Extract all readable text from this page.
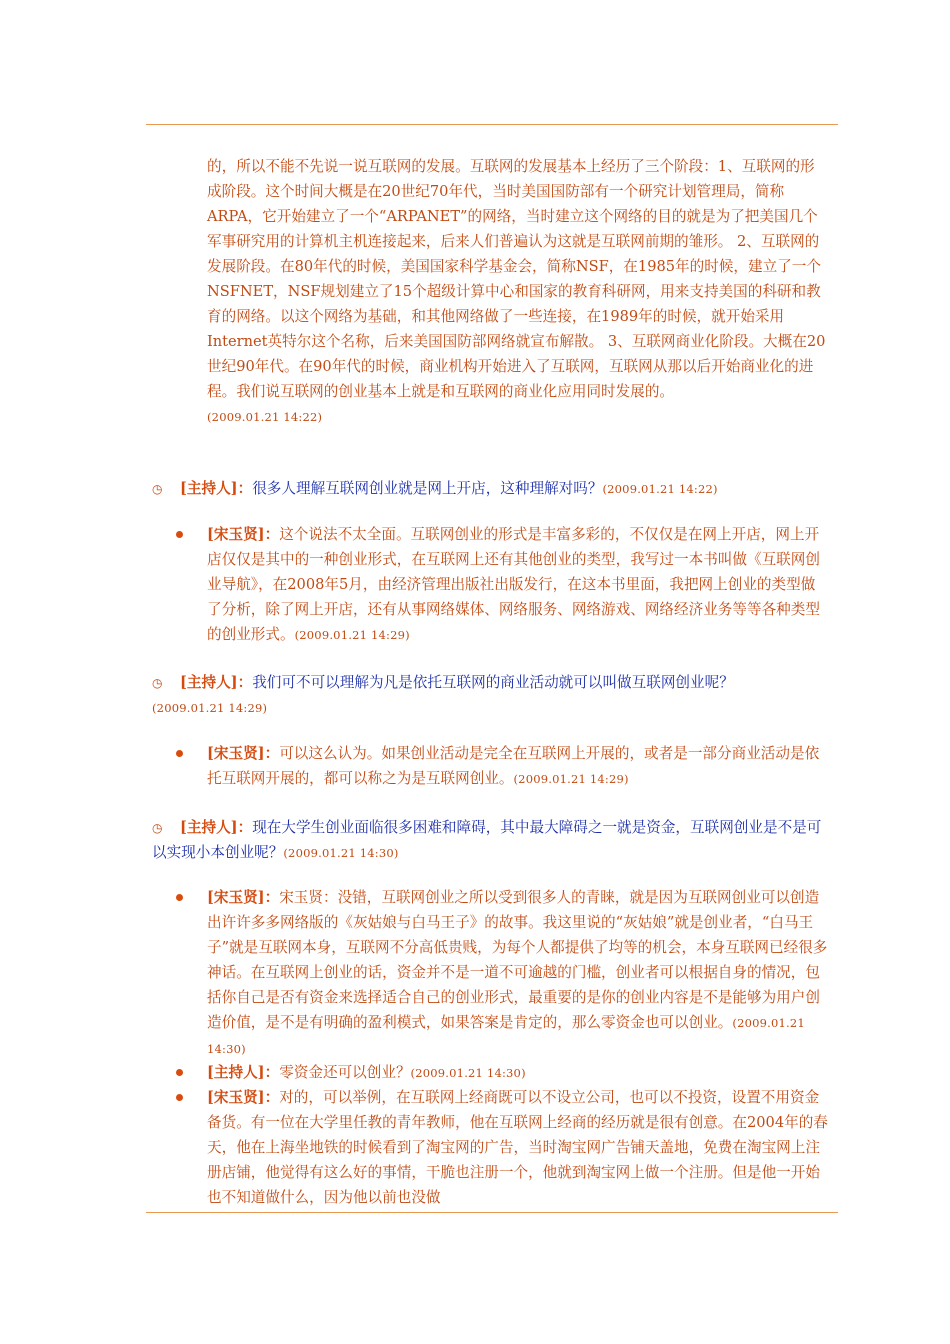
的，所以不能不先说一说互联网的发展。互联网的发展基本上经历了三个阶段：1、互联网的形成阶段。这个时间大概是在20世纪70年代，当时美国国防部有一个研究计划管理局，简称ARPA，它开始建立了一个“ARPANET”的网络，当时建立这个网络的目的就是为了把美国几个军事研究用的计算机主机连接起来，后来人们普遍认为这就是互联网前期的雏形。 2、互联网的发展阶段。在80年代的时候，美国国家科学基金会，简称NSF，在1985年的时候，建立了一个NSFNET，NSF规划建立了15个超级计算中心和国家的教育科研网，用来支持美国的科研和教育的网络。以这个网络为基础，和其他网络做了一些连接，在1989年的时候，就开始采用Internet英特尔这个名称，后来美国国防部网络就宣布解散。 3、互联网商业化阶段。大概在20世纪90年代。在90年代的时候，商业机构开始进入了互联网，互联网从那以后开始商业化的进程。我们说互联网的创业基本上就是和互联网的商业化应用同时发展的。
(2009.01.21 14:22)
◷ [主持人]：很多人理解互联网创业就是网上开店，这种理解对吗？(2009.01.21 14:22)
[宋玉贤]：这个说法不太全面。互联网创业的形式是丰富多彩的，不仅仅是在网上开店，网上开店仅仅是其中的一种创业形式，在互联网上还有其他创业的类型，我写过一本书叫做《互联网创业导航》，在2008年5月，由经济管理出版社出版发行，在这本书里面，我把网上创业的类型做了分析，除了网上开店，还有从事网络媒体、网络服务、网络游戏、网络经济业务等等各种类型的创业形式。(2009.01.21 14:29)
◷	[主持人]：我们可不可以理解为凡是依托互联网的商业活动就可以叫做互联网创业呢？
(2009.01.21 14:29)
[宋玉贤]：可以这么认为。如果创业活动是完全在互联网上开展的，或者是一部分商业活动是依托互联网开展的，都可以称之为是互联网创业。(2009.01.21 14:29)
◷	[主持人]：现在大学生创业面临很多困难和障碍，其中最大障碍之一就是资金，互联网创业是不是可以实现小本创业呢？(2009.01.21 14:30)
[宋玉贤]：宋玉贤：没错，互联网创业之所以受到很多人的青睐，就是因为互联网创业可以创造出许许多多网络版的《灰姑娘与白马王子》的故事。我这里说的“灰姑娘”就是创业者，“白马王子”就是互联网本身，互联网不分高低贵贱，为每个人都提供了均等的机会，本身互联网已经很多神话。在互联网上创业的话，资金并不是一道不可逾越的门槛，创业者可以根据自身的情况，包括你自己是否有资金来选择适合自己的创业形式，最重要的是你的创业内容是不是能够为用户创造价值，是不是有明确的盈利模式，如果答案是肯定的，那么零资金也可以创业。(2009.01.21 14:30)
[主持人]：零资金还可以创业？(2009.01.21 14:30)
[宋玉贤]：对的，可以举例，在互联网上经商既可以不设立公司，也可以不投资，设置不用资金备货。有一位在大学里任教的青年教师，他在互联网上经商的经历就是很有创意。在2004年的春天，他在上海坐地铁的时候看到了淘宝网的广告，当时淘宝网广告铺天盖地，免费在淘宝网上注册店铺，他觉得有这么好的事情，干脆也注册一个，他就到淘宝网上做一个注册。但是他一开始也不知道做什么，因为他以前也没做
